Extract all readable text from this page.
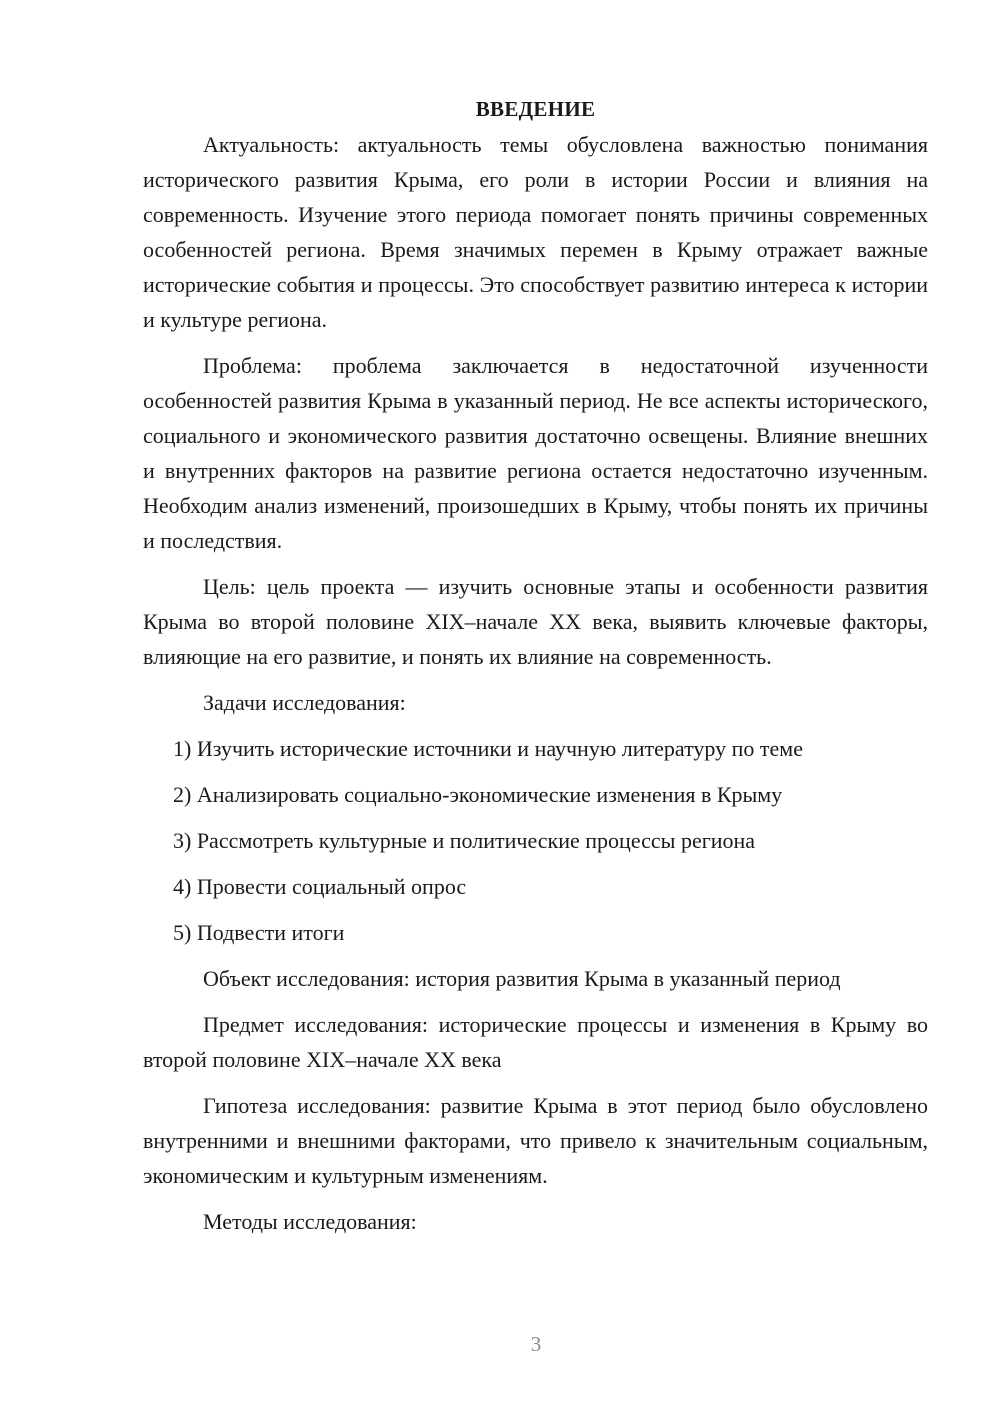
ВВЕДЕНИЕ

Актуальность: актуальность темы обусловлена важностью понимания исторического развития Крыма, его роли в истории России и влияния на современность. Изучение этого периода помогает понять причины современных особенностей региона. Время значимых перемен в Крыму отражает важные исторические события и процессы. Это способствует развитию интереса к истории и культуре региона.

Проблема: проблема заключается в недостаточной изученности особенностей развития Крыма в указанный период. Не все аспекты исторического, социального и экономического развития достаточно освещены. Влияние внешних и внутренних факторов на развитие региона остается недостаточно изученным. Необходим анализ изменений, произошедших в Крыму, чтобы понять их причины и последствия.

Цель: цель проекта — изучить основные этапы и особенности развития Крыма во второй половине XIX–начале XX века, выявить ключевые факторы, влияющие на его развитие, и понять их влияние на современность.

Задачи исследования:

1) Изучить исторические источники и научную литературу по теме

2) Анализировать социально-экономические изменения в Крыму

3) Рассмотреть культурные и политические процессы региона

4) Провести социальный опрос

5) Подвести итоги

Объект исследования: история развития Крыма в указанный период

Предмет исследования: исторические процессы и изменения в Крыму во второй половине XIX–начале XX века

Гипотеза исследования: развитие Крыма в этот период было обусловлено внутренними и внешними факторами, что привело к значительным социальным, экономическим и культурным изменениям.

Методы исследования:

3
